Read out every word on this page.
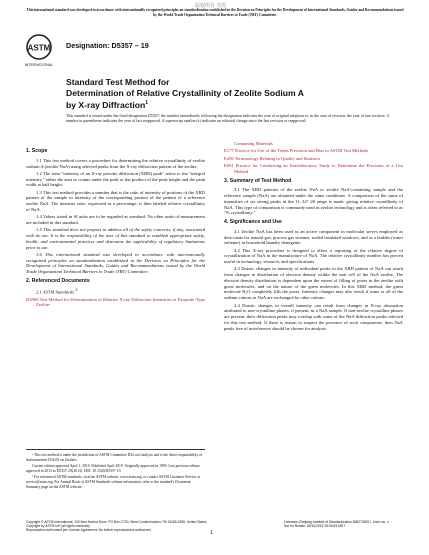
版权所有 勿发
This international standard was developed in accordance with internationally recognized principles on standardization established in the Decision on Principles for the Development of International Standards, Guides and Recommendations issued by the World Trade Organization Technical Barriers to Trade (TBT) Committee.
ASTM
INTERNATIONAL
Designation: D5357 – 19
Standard Test Method for
Determination of Relative Crystallinity of Zeolite Sodium A
by X-ray Diffraction$^1$
This standard is issued under the fixed designation D5357; the number immediately following the designation indicates the year of original adoption or, in the case of revision, the year of last revision. A number in parentheses indicates the year of last reapproval. A superscript epsilon (ε) indicates an editorial change since the last revision or reapproval.
1. Scope

1.1 This test method covers a procedure for determining the relative crystallinity of zeolite sodium A (zeolite NaA) using selected peaks from the X-ray diffraction pattern of the zeolite.

1.2 The term "intensity of an X-ray powder diffraction (XRD) peak" refers to the "integral intensity," either the area or counts under the peak or the product of the peak height and the peak width at half height.

1.3 This test method provides a number that is the ratio of intensity of portions of the XRD pattern of the sample to intensity of the corresponding portion of the pattern of a reference zeolite NaA. The intensity ratio, expressed as a percentage, is then labeled relative crystallinity of NaA.

1.4 Values stated in SI units are to be regarded as standard. No other units of measurement are included in this standard.

1.5 This standard does not purport to address all of the safety concerns, if any, associated with its use. It is the responsibility of the user of this standard to establish appropriate safety, health, and environmental practices and determine the applicability of regulatory limitations prior to use.

1.6 This international standard was developed in accordance with internationally recognized principles on standardization established in the Decision on Principles for the Development of International Standards, Guides and Recommendations issued by the World Trade Organization Technical Barriers to Trade (TBT) Committee.

2. Referenced Documents

2.1 ASTM Standards:$^2$

D3906 Test Method for Determination of Relative X-ray Diffraction Intensities of Faujasite-Type Zeolite-

¹ This test method is under the jurisdiction of ASTM Committee D32 on Catalysts and is the direct responsibility of Subcommittee D32.05 on Zeolites.

Current edition approved April 1, 2019. Published April 2019. Originally approved in 1993. Last previous edition approved in 2013 as D5357–03(2013). DOI: 10.1520/D5357-19.

² For referenced ASTM standards, visit the ASTM website, www.astm.org, or contact ASTM Customer Service at service@astm.org. For Annual Book of ASTM Standards volume information, refer to the standard's Document Summary page on the ASTM website.

Containing Materials

E177 Practice for Use of the Terms Precision and Bias in ASTM Test Methods

E456 Terminology Relating to Quality and Statistics

E691 Practice for Conducting an Interlaboratory Study to Determine the Precision of a Test Method

3. Summary of Test Method

3.1 The XRD patterns of the zeolite NaA or zeolite NaA-containing sample and the reference sample (NaA) are obtained under the same conditions. A comparison of the sums of intensities of six strong peaks in the 11–32° 2θ range is made, giving relative crystallinity of NaA. This type of comparison is commonly used in zeolite technology and is often referred to as "% crystallinity."

4. Significance and Use

4.1 Zeolite NaA has been used as an active component in molecular sieves employed as desiccants for natural gas, process gas streams, sealed insulated windows, and as a builder (water softener) in household laundry detergents.

4.2 This X-ray procedure is designed to allow a reporting of the relative degree of crystallization of NaA in the manufacture of NaA. The relative crystallinity number has proven useful in technology, research, and specifications.

4.3 Drastic changes in intensity of individual peaks in the XRD pattern of NaA can result from changes in distribution of electron density within the unit cell of the NaA zeolite. The electron density distribution is dependent upon the extent of filling of pores in the zeolite with guest molecules, and on the nature of the guest molecules. In this XRD method, the guest molecule H₂O completely fills the pores. Intensity changes may also result if some or all of the sodium cations in NaA are exchanged by other cations.

4.4 Drastic changes in overall intensity can result from changes in X-ray absorption attributed to non-crystalline phases, if present, in a NaA sample. If non-zeolite crystalline phases are present, their diffraction peaks may overlap with some of the NaA diffraction peaks selected for this test method. If there is reason to suspect the presence of such components, then NaA peaks free of interference should be chosen for analysis.

Copyright © ASTM International, 100 Barr Harbor Drive, PO Box C700, West Conshohocken, PA 19428-2959. United States
Copyright by ASTM Int'l (all rights reserved);
Reproduction authorized per License Agreement; No further reproductions authorized.	1
Licensee=Zhejiang Institute of Standardization 5982735001, User=xu, z
Not for Resale, 05/10/2019 15:06:53 MDT
